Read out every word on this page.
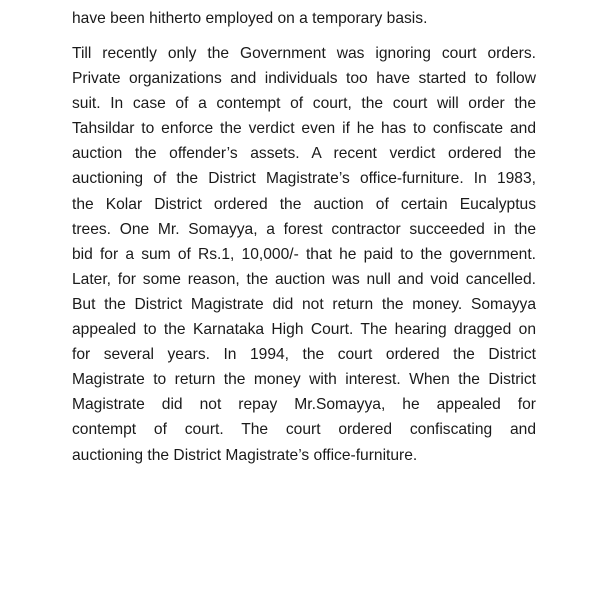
have been hitherto employed on a temporary basis.
Till recently only the Government was ignoring court orders.
Private organizations and individuals too have started to follow
suit. In case of a contempt of court, the court will order the
Tahsildar to enforce the verdict even if he has to confiscate and
auction the offender’s assets. A recent verdict ordered the
auctioning of the District Magistrate’s office-furniture. In 1983,
the Kolar District ordered the auction of certain Eucalyptus
trees. One Mr. Somayya, a forest contractor succeeded in the
bid for a sum of Rs.1, 10,000/- that he paid to the government.
Later, for some reason, the auction was null and void cancelled.
But the District Magistrate did not return the money. Somayya
appealed to the Karnataka High Court. The hearing dragged on
for several years. In 1994, the court ordered the District
Magistrate to return the money with interest. When the District
Magistrate did not repay Mr.Somayya, he appealed for
contempt of court. The court ordered confiscating and
auctioning the District Magistrate’s office-furniture.
